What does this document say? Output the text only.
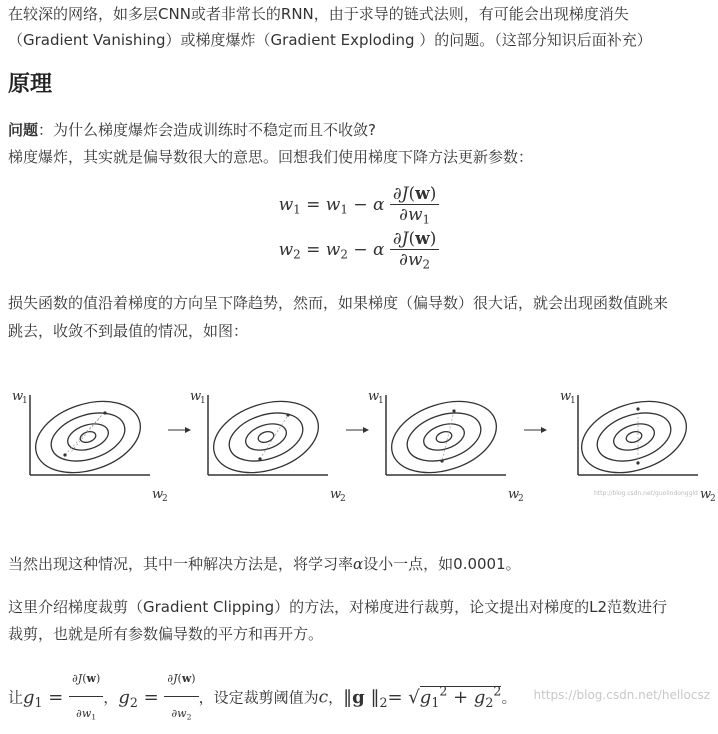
在较深的网络，如多层CNN或者非常长的RNN，由于求导的链式法则，有可能会出现梯度消失
（Gradient Vanishing）或梯度爆炸（Gradient Exploding ）的问题。（这部分知识后面补充）
原理
问题：为什么梯度爆炸会造成训练时不稳定而且不收敛?
梯度爆炸，其实就是偏导数很大的意思。回想我们使用梯度下降方法更新参数：
$w_1 = w_1 - \alpha \frac{\partial J(w)}{\partial w_1}$
$w_2 = w_2 - \alpha \frac{\partial J(w)}{\partial w_2}$
损失函数的值沿着梯度的方向呈下降趋势，然而，如果梯度（偏导数）很大话，就会出现函数值跳来
跳去，收敛不到最值的情况，如图：
w
1
w
2
w
1
w
2
w
1
w
2
w
1
http://blog.csdn.net/guolindonggld w
2
当然出现这种情况，其中一种解决方法是，将学习率α设小一点，如0.0001。
这里介绍梯度裁剪（Gradient Clipping）的方法，对梯度进行裁剪，论文提出对梯度的L2范数进行
裁剪，也就是所有参数偏导数的平方和再开方。
让$g_1 = \frac{\partial J(w)}{\partial w_1}$ ，$g_2 = \frac{\partial J(w)}{\partial w_2}$ ，设定裁剪阈值为c，‖g $‖_2= √g_1^2 + g_2^2$。	https://blog.csdn.net/hellocsz
